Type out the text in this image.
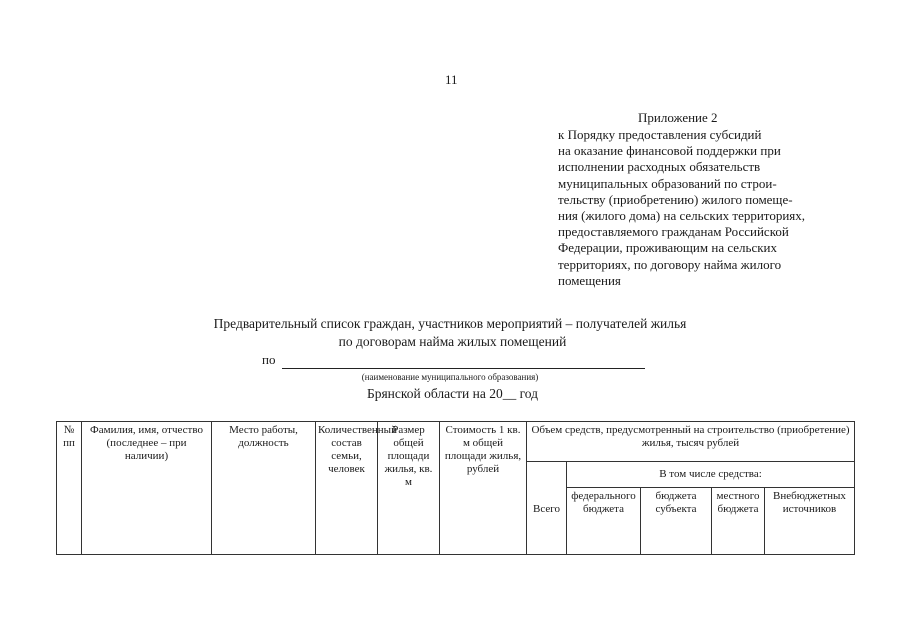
11
Приложение 2
к Порядку предоставления субсидий
на оказание финансовой поддержки при
исполнении расходных обязательств
муниципальных образований по строи-
тельству (приобретению) жилого помеще-
ния (жилого дома) на сельских территориях,
предоставляемого гражданам Российской
Федерации, проживающим на сельских
территориях, по договору найма жилого
помещения
Предварительный список граждан, участников мероприятий – получателей жилья
по договорам найма жилых помещений
по
(наименование муниципального образования)
Брянской области на 20__ год
№ пп	Фамилия, имя, отчество (последнее – при наличии)	Место работы, должность	Количественный состав семьи, человек	Размер общей площади жилья, кв. м	Стоимость 1 кв. м общей площади жилья, рублей	Объем средств, предусмотренный на строительство (приобретение) жилья, тысяч рублей				
						Всего	В том числе средства:			
							федерального бюджета	бюджета субъекта	местного бюджета	Внебюджетных источников
